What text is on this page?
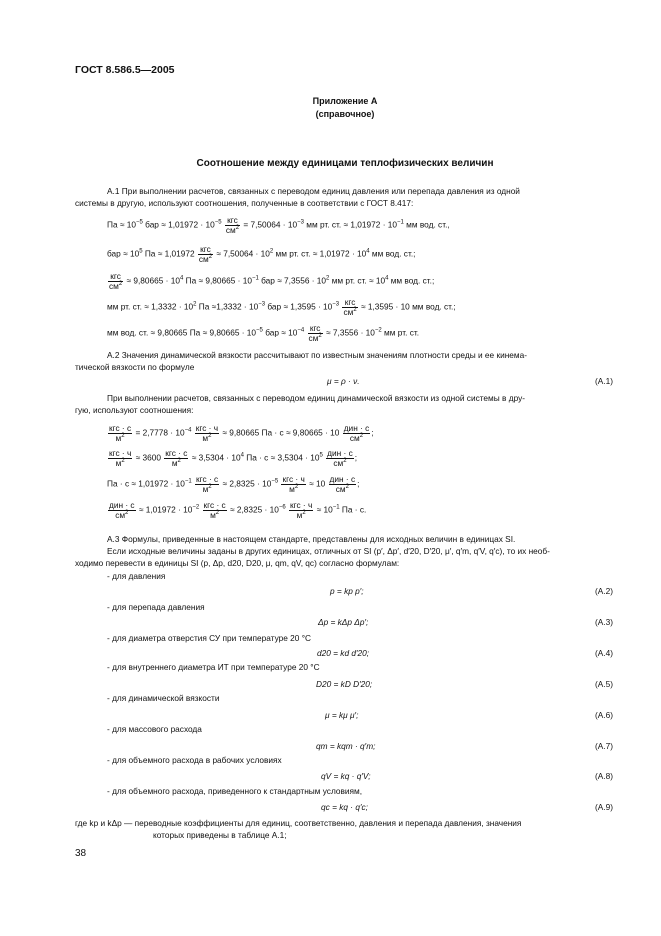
ГОСТ 8.586.5—2005
Приложение А
(справочное)
Соотношение между единицами теплофизических величин
А.1 При выполнении расчетов, связанных с переводом единиц давления или перепада давления из одной
системы в другую, используют соотношения, полученные в соответствии с ГОСТ 8.417:
Па ≈ $10^{-5}$ бар ≈ $1,01972 \cdot 10^{-5} \frac{\text{кгс}}{см^2} = 7,50064 \cdot 10^{-3}$ мм рт. ст. ≈ $1,01972 \cdot 10^{-1}$ мм вод. ст.,
бар ≈ $10^5$ Па ≈ $1,01972 \frac{\text{кгс}}{см^2} \approx 7,50064 \cdot 10^2$ мм рт. ст. ≈ $1,01972 \cdot 10^4$ мм вод. ст.;
$\frac{\text{кгс}}{см^2} \approx 9,80665 \cdot 10^4$ Па ≈ $9,80665 \cdot 10^{-1}$ бар ≈ $7,3556 \cdot 10^2$ мм рт. ст. ≈ $10^4$ мм вод. ст.;
мм рт. ст. ≈ $1,3332 \cdot 10^2$ Па $\approx 1,3332 \cdot 10^{-3}$ бар ≈ $1,3595 \cdot 10^{-3} \frac{\text{кгс}}{см^2} \approx 1,3595 \cdot 10$ мм вод. ст.;
мм вод. ст. ≈ 9,80665 Па ≈ $9,80665 \cdot 10^{-5}$ бар ≈ $10^{-4} \frac{\text{кгс}}{см^2} \approx 7,3556 \cdot 10^{-2}$ мм рт. ст.
А.2 Значения динамической вязкости рассчитывают по известным значениям плотности среды и ее кинема-
тической вязкости по формуле
μ = ρ · ν.	(А.1)
При выполнении расчетов, связанных с переводом единиц динамической вязкости из одной системы в дру-
гую, используют соотношения:
$\frac{\text{кгс · с}}{м^2} = 2,7778 \cdot 10^{-4} \frac{\text{кгс · ч}}{м^2} \approx 9,80665$ Па · $с \approx 9,80665 \cdot 10 \frac{\text{дин · с}}{см^2}$ ;
$\frac{\text{кгс · ч}}{м^2} \approx 3600 \frac{\text{кгс · с}}{м^2} \approx 3,5304 \cdot 10^4$ Па · $с \approx 3,5304 \cdot 10^5 \frac{\text{дин · с}}{см^2}$ ;
Па · $с \approx 1,01972 \cdot 10^{-1} \frac{\text{кгс · с}}{м^2} \approx 2,8325 \cdot 10^{-5} \frac{\text{кгс · ч}}{м^2} \approx 10 \frac{\text{дин · с}}{см^2}$ ;
$\frac{\text{дин · с}}{см^2} \approx 1,01972 \cdot 10^{-2} \frac{\text{кгс · с}}{м^2} \approx 2,8325 \cdot 10^{-6} \frac{\text{кгс · ч}}{м^2} \approx 10^{-1}$ Па · с.
А.3 Формулы, приведенные в настоящем стандарте, представлены для исходных величин в единицах SI.
Если исходные величины заданы в других единицах, отличных от SI (p′, Δp′, d′20, D′20, μ′, q′m, q′V, q′c), то их необ-
ходимо перевести в единицы SI (p, Δp, d20, D20, μ, qm, qV, qc) согласно формулам:
- для давления
p = kp p′;	(А.2)
- для перепада давления
Δp = kΔp Δp′;	(А.3)
- для диаметра отверстия СУ при температуре 20 °С
d20 = kd d′20;	(А.4)
- для внутреннего диаметра ИТ при температуре 20 °С
D20 = kD D′20;	(А.5)
- для динамической вязкости
μ = kμ μ′;	(А.6)
- для массового расхода
qm = kqm · q′m;	(А.7)
- для объемного расхода в рабочих условиях
qV = kq · q′V;	(А.8)
- для объемного расхода, приведенного к стандартным условиям,
qc = kq · q′c;	(А.9)
где kp и kΔp — переводные коэффициенты для единиц, соответственно, давления и перепада давления, значения
которых приведены в таблице А.1;
38
